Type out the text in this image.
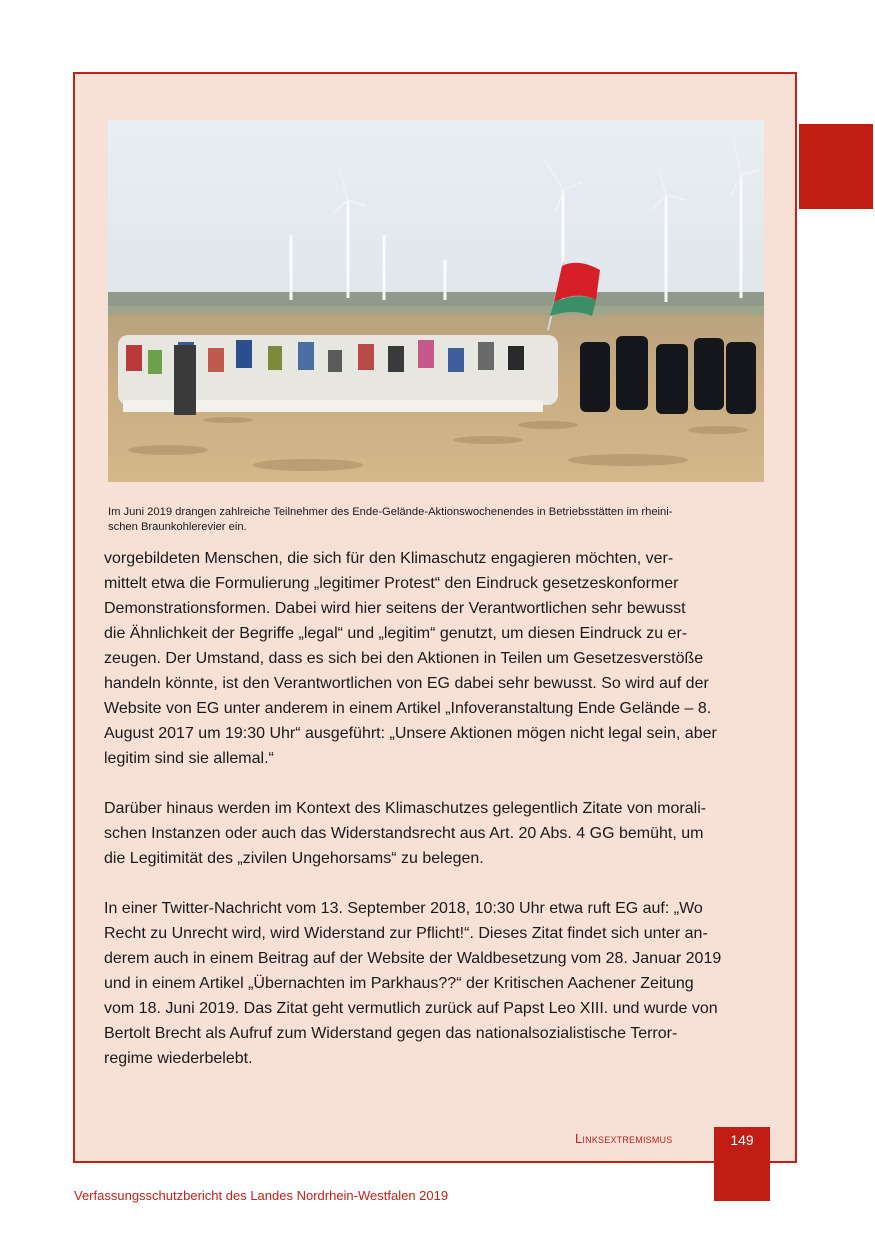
Im Juni 2019 drangen zahlreiche Teilnehmer des Ende-Gelände-Aktionswochenendes in Betriebsstätten im rheini-
schen Braunkohlerevier ein.

vorgebildeten Menschen, die sich für den Klimaschutz engagieren möchten, ver-
mittelt etwa die Formulierung „legitimer Protest“ den Eindruck gesetzeskonformer
Demonstrationsformen. Dabei wird hier seitens der Verantwortlichen sehr bewusst
die Ähnlichkeit der Begriffe „legal“ und „legitim“ genutzt, um diesen Eindruck zu er-
zeugen. Der Umstand, dass es sich bei den Aktionen in Teilen um Gesetzesverstöße
handeln könnte, ist den Verantwortlichen von EG dabei sehr bewusst. So wird auf der
Website von EG unter anderem in einem Artikel „Infoveranstaltung Ende Gelände – 8.
August 2017 um 19:30 Uhr“ ausgeführt: „Unsere Aktionen mögen nicht legal sein, aber
legitim sind sie allemal.“

Darüber hinaus werden im Kontext des Klimaschutzes gelegentlich Zitate von morali-
schen Instanzen oder auch das Widerstandsrecht aus Art. 20 Abs. 4 GG bemüht, um
die Legitimität des „zivilen Ungehorsams“ zu belegen.

In einer Twitter-Nachricht vom 13. September 2018, 10:30 Uhr etwa ruft EG auf: „Wo
Recht zu Unrecht wird, wird Widerstand zur Pflicht!“. Dieses Zitat findet sich unter an-
derem auch in einem Beitrag auf der Website der Waldbesetzung vom 28. Januar 2019
und in einem Artikel „Übernachten im Parkhaus??“ der Kritischen Aachener Zeitung
vom 18. Juni 2019. Das Zitat geht vermutlich zurück auf Papst Leo XIII. und wurde von
Bertolt Brecht als Aufruf zum Widerstand gegen das nationalsozialistische Terror-
regime wiederbelebt.

Linksextremismus	149
Verfassungsschutzbericht des Landes Nordrhein-Westfalen 2019
